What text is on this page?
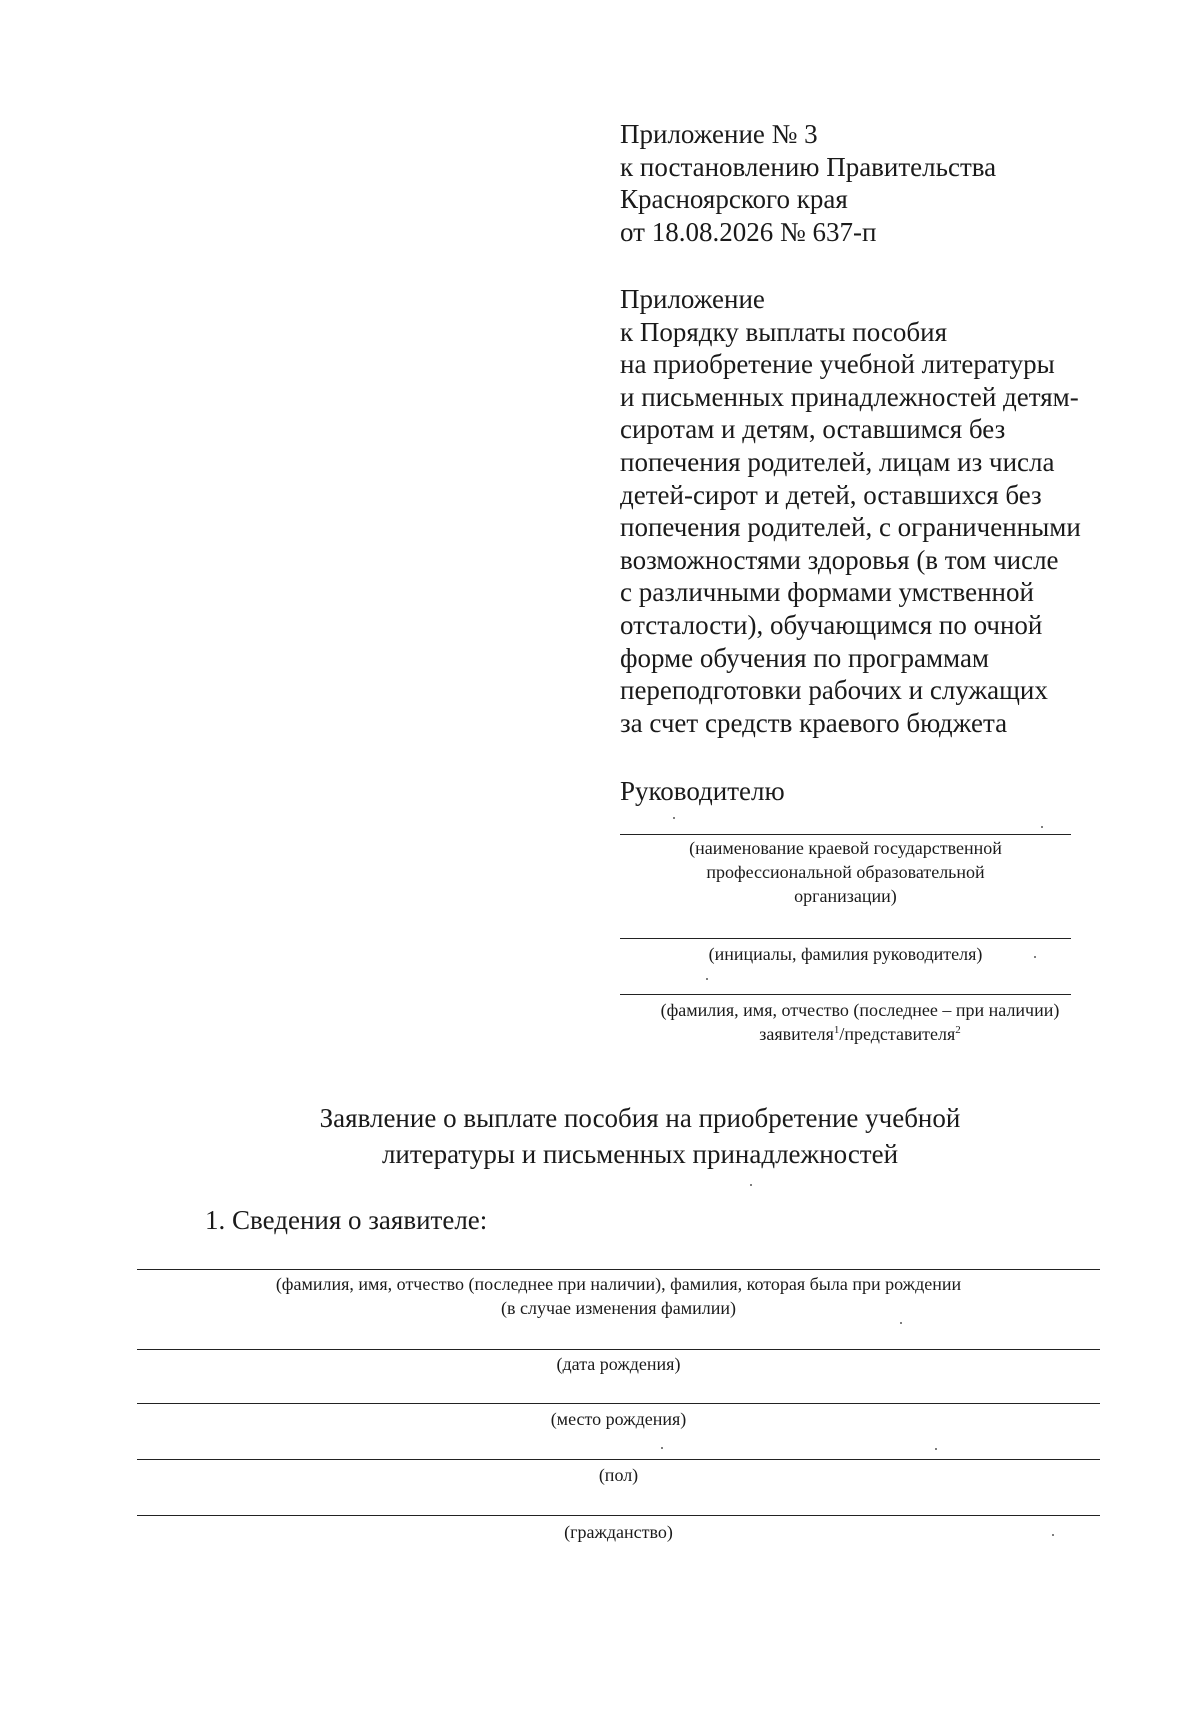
Приложение № 3
к постановлению Правительства
Красноярского края
от 18.08.2026 № 637-п
Приложение
к Порядку выплаты пособия
на приобретение учебной литературы
и письменных принадлежностей детям-
сиротам и детям, оставшимся без
попечения родителей, лицам из числа
детей-сирот и детей, оставшихся без
попечения родителей, с ограниченными
возможностями здоровья (в том числе
с различными формами умственной
отсталости), обучающимся по очной
форме обучения по программам
переподготовки рабочих и служащих
за счет средств краевого бюджета
Руководителю
(наименование краевой государственной
профессиональной образовательной
организации)
(инициалы, фамилия руководителя)
(фамилия, имя, отчество (последнее – при наличии)
заявителя$^1$/представителя$^2$
Заявление о выплате пособия на приобретение учебной
литературы и письменных принадлежностей
1. Сведения о заявителе:
(фамилия, имя, отчество (последнее при наличии), фамилия, которая была при рождении
(в случае изменения фамилии)
(дата рождения)
(место рождения)
(пол)
(гражданство)
